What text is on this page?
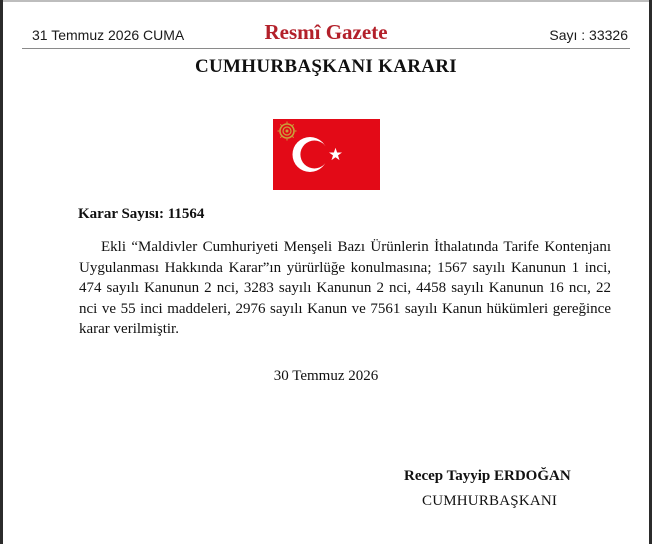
31 Temmuz 2026 CUMA	Resmî Gazete	Sayı : 33326
CUMHURBAŞKANI KARARI
Karar Sayısı: 11564
Ekli “Maldivler Cumhuriyeti Menşeli Bazı Ürünlerin İthalatında Tarife Kontenjanı Uygulanması Hakkında Karar”ın yürürlüğe konulmasına; 1567 sayılı Kanunun 1 inci, 474 sayılı Kanunun 2 nci, 3283 sayılı Kanunun 2 nci, 4458 sayılı Kanunun 16 ncı, 22 nci ve 55 inci maddeleri, 2976 sayılı Kanun ve 7561 sayılı Kanun hükümleri gereğince karar verilmiştir.
30 Temmuz 2026
Recep Tayyip ERDOĞAN
CUMHURBAŞKANI
